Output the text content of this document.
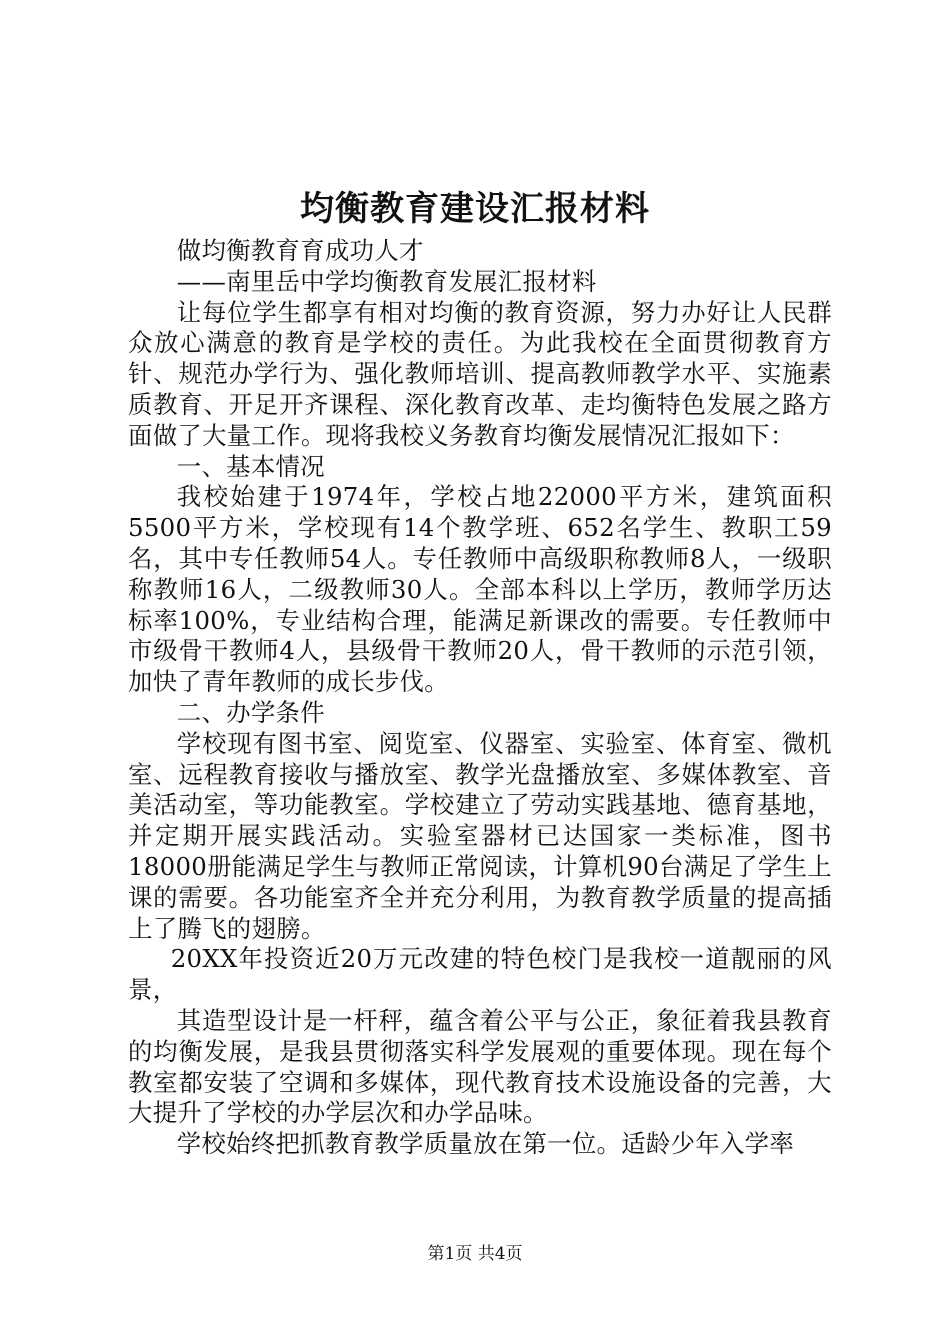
均衡教育建设汇报材料

做均衡教育育成功人才

——南里岳中学均衡教育发展汇报材料

让每位学生都享有相对均衡的教育资源，努力办好让人民群众放心满意的教育是学校的责任。为此我校在全面贯彻教育方针、规范办学行为、强化教师培训、提高教师教学水平、实施素质教育、开足开齐课程、深化教育改革、走均衡特色发展之路方面做了大量工作。现将我校义务教育均衡发展情况汇报如下：

一、基本情况

我校始建于1974年，学校占地22000平方米，建筑面积5500平方米，学校现有14个教学班、652名学生、教职工59名，其中专任教师54人。专任教师中高级职称教师8人，一级职称教师16人，二级教师30人。全部本科以上学历，教师学历达标率100%，专业结构合理，能满足新课改的需要。专任教师中市级骨干教师4人，县级骨干教师20人，骨干教师的示范引领，加快了青年教师的成长步伐。

二、办学条件

学校现有图书室、阅览室、仪器室、实验室、体育室、微机室、远程教育接收与播放室、教学光盘播放室、多媒体教室、音美活动室，等功能教室。学校建立了劳动实践基地、德育基地，并定期开展实践活动。实验室器材已达国家一类标准，图书18000册能满足学生与教师正常阅读，计算机90台满足了学生上课的需要。各功能室齐全并充分利用，为教育教学质量的提高插上了腾飞的翅膀。

20XX年投资近20万元改建的特色校门是我校一道靓丽的风景，

其造型设计是一杆秤，蕴含着公平与公正，象征着我县教育的均衡发展，是我县贯彻落实科学发展观的重要体现。现在每个教室都安装了空调和多媒体，现代教育技术设施设备的完善，大大提升了学校的办学层次和办学品味。

学校始终把抓教育教学质量放在第一位。适龄少年入学率

第1页 共4页
